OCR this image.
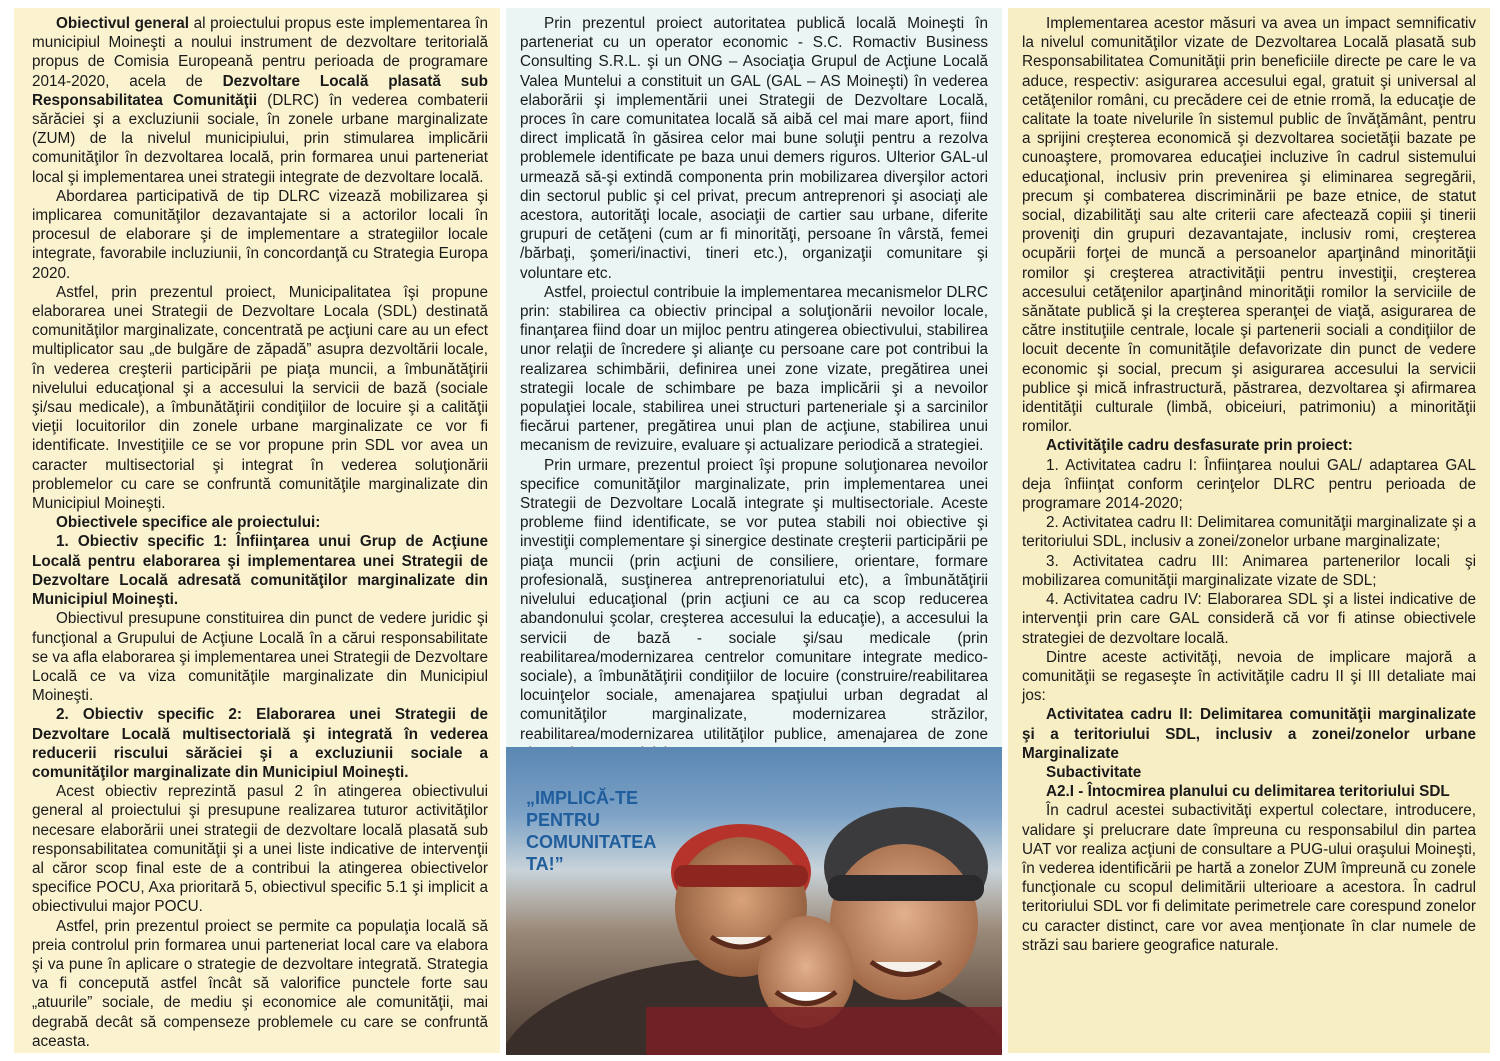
Obiectivul general al proiectului propus este implementarea în municipiul Moineşti a noului instrument de dezvoltare teritorială propus de Comisia Europeană pentru perioada de programare 2014-2020, acela de Dezvoltare Locală plasată sub Responsabilitatea Comunităţii (DLRC) în vederea combaterii sărăciei şi a excluziunii sociale, în zonele urbane marginalizate (ZUM) de la nivelul municipiului, prin stimularea implicării comunităţilor în dezvoltarea locală, prin formarea unui parteneriat local şi implementarea unei strategii integrate de dezvoltare locală.

Abordarea participativă de tip DLRC vizează mobilizarea şi implicarea comunităţilor dezavantajate si a actorilor locali în procesul de elaborare şi de implementare a strategiilor locale integrate, favorabile incluziunii, în concordanţă cu Strategia Europa 2020.

Astfel, prin prezentul proiect, Municipalitatea îşi propune elaborarea unei Strategii de Dezvoltare Locala (SDL) destinată comunităţilor marginalizate, concentrată pe acţiuni care au un efect multiplicator sau „de bulgăre de zăpadă” asupra dezvoltării locale, în vederea creşterii participării pe piaţa muncii, a îmbunătăţirii nivelului educaţional şi a accesului la servicii de bază (sociale şi/sau medicale), a îmbunătăţirii condiţiilor de locuire şi a calităţii vieţii locuitorilor din zonele urbane marginalizate ce vor fi identificate. Investiţiile ce se vor propune prin SDL vor avea un caracter multisectorial şi integrat în vederea soluţionării problemelor cu care se confruntă comunităţile marginalizate din Municipiul Moineşti.

Obiectivele specifice ale proiectului:

1. Obiectiv specific 1: Înfiinţarea unui Grup de Acţiune Locală pentru elaborarea şi implementarea unei Strategii de Dezvoltare Locală adresată comunităţilor marginalizate din Municipiul Moineşti.

Obiectivul presupune constituirea din punct de vedere juridic şi funcţional a Grupului de Acţiune Locală în a cărui responsabilitate se va afla elaborarea şi implementarea unei Strategii de Dezvoltare Locală ce va viza comunităţile marginalizate din Municipiul Moineşti.

2. Obiectiv specific 2: Elaborarea unei Strategii de Dezvoltare Locală multisectorială şi integrată în vederea reducerii riscului sărăciei şi a excluziunii sociale a comunităţilor marginalizate din Municipiul Moineşti.

Acest obiectiv reprezintă pasul 2 în atingerea obiectivului general al proiectului şi presupune realizarea tuturor activităţilor necesare elaborării unei strategii de dezvoltare locală plasată sub responsabilitatea comunităţii şi a unei liste indicative de intervenţii al căror scop final este de a contribui la atingerea obiectivelor specifice POCU, Axa prioritară 5, obiectivul specific 5.1 şi implicit a obiectivului major POCU.

Astfel, prin prezentul proiect se permite ca populaţia locală să preia controlul prin formarea unui parteneriat local care va elabora şi va pune în aplicare o strategie de dezvoltare integrată. Strategia va fi concepută astfel încât să valorifice punctele forte sau „atuurile” sociale, de mediu şi economice ale comunităţii, mai degrabă decât să compenseze problemele cu care se confruntă aceasta.

Prin prezentul proiect autoritatea publică locală Moineşti în parteneriat cu un operator economic - S.C. Romactiv Business Consulting S.R.L. şi un ONG – Asociaţia Grupul de Acţiune Locală Valea Muntelui a constituit un GAL (GAL – AS Moineşti) în vederea elaborării şi implementării unei Strategii de Dezvoltare Locală, proces în care comunitatea locală să aibă cel mai mare aport, fiind direct implicată în găsirea celor mai bune soluţii pentru a rezolva problemele identificate pe baza unui demers riguros. Ulterior GAL-ul urmează să-şi extindă componenta prin mobilizarea diverşilor actori din sectorul public şi cel privat, precum antreprenori şi asociaţi ale acestora, autorităţi locale, asociaţii de cartier sau urbane, diferite grupuri de cetăţeni (cum ar fi minorităţi, persoane în vârstă, femei /bărbaţi, şomeri/inactivi, tineri etc.), organizaţii comunitare şi voluntare etc.

Astfel, proiectul contribuie la implementarea mecanismelor DLRC prin: stabilirea ca obiectiv principal a soluţionării nevoilor locale, finanţarea fiind doar un mijloc pentru atingerea obiectivului, stabilirea unor relaţii de încredere şi alianţe cu persoane care pot contribui la realizarea schimbării, definirea unei zone vizate, pregătirea unei strategii locale de schimbare pe baza implicării şi a nevoilor populaţiei locale, stabilirea unei structuri parteneriale şi a sarcinilor fiecărui partener, pregătirea unui plan de acţiune, stabilirea unui mecanism de revizuire, evaluare şi actualizare periodică a strategiei.

Prin urmare, prezentul proiect îşi propune soluţionarea nevoilor specifice comunităţilor marginalizate, prin implementarea unei Strategii de Dezvoltare Locală integrate şi multisectoriale. Aceste probleme fiind identificate, se vor putea stabili noi obiective şi investiţii complementare şi sinergice destinate creşterii participării pe piaţa muncii (prin acţiuni de consiliere, orientare, formare profesională, susţinerea antreprenoriatului etc), a îmbunătăţirii nivelului educaţional (prin acţiuni ce au ca scop reducerea abandonului şcolar, creşterea accesului la educaţie), a accesului la servicii de bază - sociale şi/sau medicale (prin reabilitarea/modernizarea centrelor comunitare integrate medico-sociale), a îmbunătăţirii condiţiilor de locuire (construire/reabilitarea locuinţelor sociale, amenajarea spaţiului urban degradat al comunităţilor marginalizate, modernizarea străzilor, reabilitarea/modernizarea utilităţilor publice, amenajarea de zone

„IMPLICĂ-TE PENTRU COMUNITATEA TA!”

Implementarea acestor măsuri va avea un impact semnificativ la nivelul comunităţilor vizate de Dezvoltarea Locală plasată sub Responsabilitatea Comunităţii prin beneficiile directe pe care le va aduce, respectiv: asigurarea accesului egal, gratuit şi universal al cetăţenilor români, cu precădere cei de etnie rromă, la educaţie de calitate la toate nivelurile în sistemul public de învăţământ, pentru a sprijini creşterea economică şi dezvoltarea societăţii bazate pe cunoaştere, promovarea educaţiei incluzive în cadrul sistemului educaţional, inclusiv prin prevenirea şi eliminarea segregării, precum şi combaterea discriminării pe baze etnice, de statut social, dizabilităţi sau alte criterii care afectează copiii şi tinerii proveniţi din grupuri dezavantajate, inclusiv romi, creşterea ocupării forţei de muncă a persoanelor aparţinând minorităţii romilor şi creşterea atractivităţii pentru investiţii, creşterea accesului cetăţenilor aparţinând minorităţii romilor la serviciile de sănătate publică şi la creşterea speranţei de viaţă, asigurarea de către instituţiile centrale, locale şi partenerii sociali a condiţiilor de locuit decente în comunităţile defavorizate din punct de vedere economic şi social, precum şi asigurarea accesului la servicii publice şi mică infrastructură, păstrarea, dezvoltarea şi afirmarea identităţii culturale (limbă, obiceiuri, patrimoniu) a minorităţii romilor.

Activităţile cadru desfasurate prin proiect:

1. Activitatea cadru I: Înfiinţarea noului GAL/ adaptarea GAL deja înfiinţat conform cerinţelor DLRC pentru perioada de programare 2014-2020;

2. Activitatea cadru II: Delimitarea comunităţii marginalizate şi a teritoriului SDL, inclusiv a zonei/zonelor urbane marginalizate;

3. Activitatea cadru III: Animarea partenerilor locali şi mobilizarea comunităţii marginalizate vizate de SDL;

4. Activitatea cadru IV: Elaborarea SDL şi a listei indicative de intervenţii prin care GAL consideră că vor fi atinse obiectivele strategiei de dezvoltare locală.

Dintre aceste activităţi, nevoia de implicare majoră a comunităţii se regaseşte în activităţile cadru II şi III detaliate mai jos:

Activitatea cadru II: Delimitarea comunităţii marginalizate şi a teritoriului SDL, inclusiv a zonei/zonelor urbane Marginalizate

Subactivitate

A2.I - Întocmirea planului cu delimitarea teritoriului SDL

În cadrul acestei subactivităţi expertul colectare, introducere, validare şi prelucrare date împreuna cu responsabilul din partea UAT vor realiza acţiuni de consultare a PUG-ului oraşului Moineşti, în vederea identificării pe hartă a zonelor ZUM împreună cu zonele funcţionale cu scopul delimitării ulterioare a acestora. În cadrul teritoriului SDL vor fi delimitate perimetrele care corespund zonelor cu caracter distinct, care vor avea menţionate în clar numele de străzi sau bariere geografice naturale.
